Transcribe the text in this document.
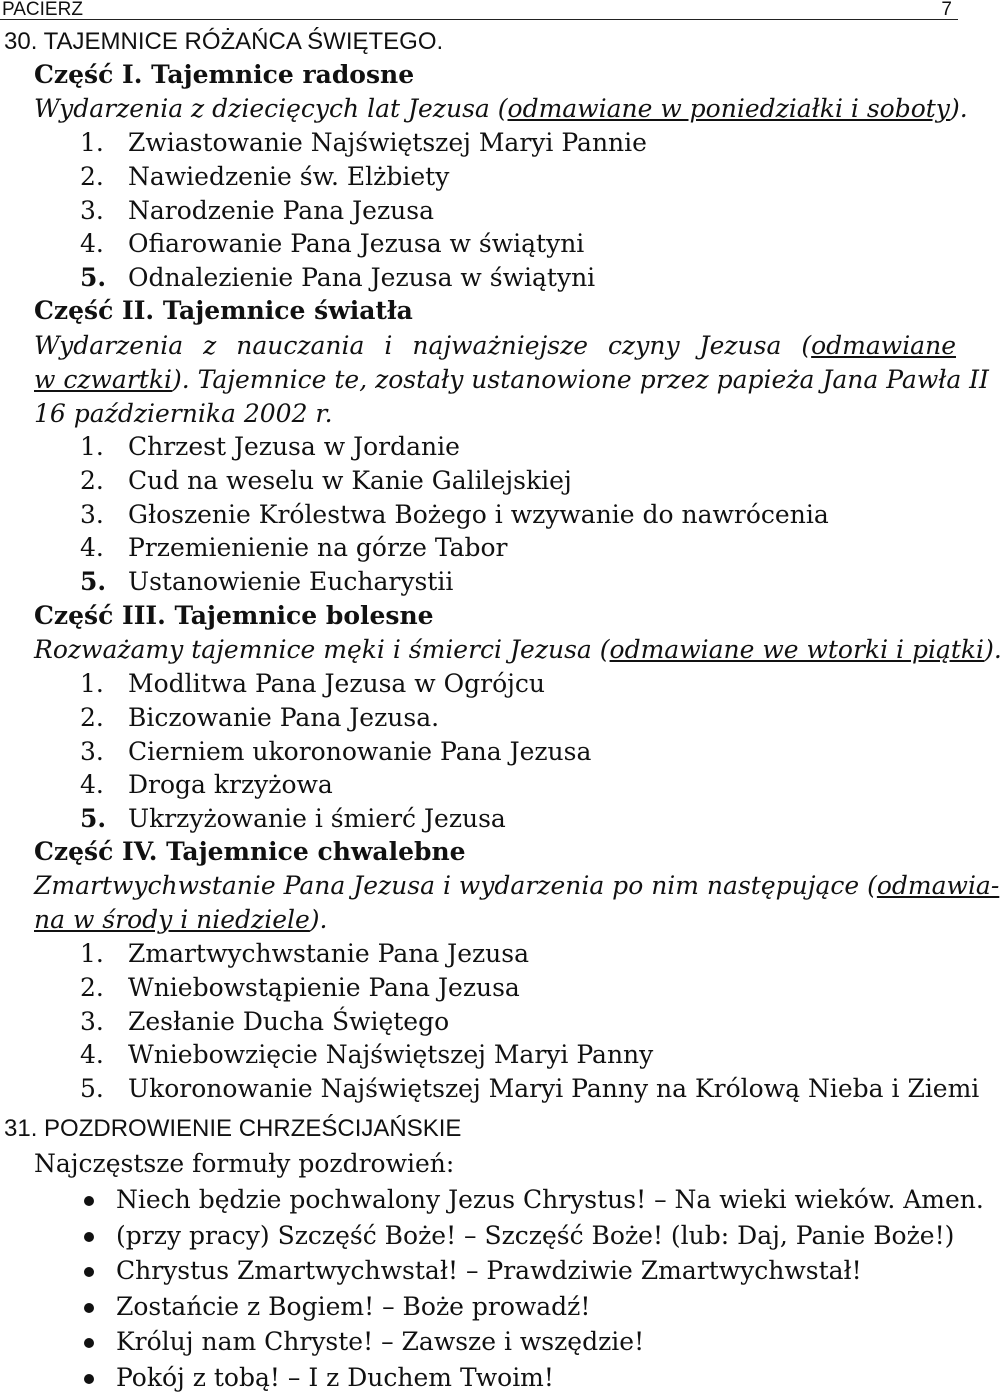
PACIERZ	7
30. TAJEMNICE RÓŻAŃCA ŚWIĘTEGO.
Część I. Tajemnice radosne
Wydarzenia z dziecięcych lat Jezusa (odmawiane w poniedziałki i soboty).
1. Zwiastowanie Najświętszej Maryi Pannie
2. Nawiedzenie św. Elżbiety
3. Narodzenie Pana Jezusa
4. Ofiarowanie Pana Jezusa w świątyni
5. Odnalezienie Pana Jezusa w świątyni
Część II. Tajemnice światła
Wydarzenia z nauczania i najważniejsze czyny Jezusa (odmawiane
w czwartki). Tajemnice te, zostały ustanowione przez papieża Jana Pawła II
16 października 2002 r.
1. Chrzest Jezusa w Jordanie
2. Cud na weselu w Kanie Galilejskiej
3. Głoszenie Królestwa Bożego i wzywanie do nawrócenia
4. Przemienienie na górze Tabor
5. Ustanowienie Eucharystii
Część III. Tajemnice bolesne
Rozważamy tajemnice męki i śmierci Jezusa (odmawiane we wtorki i piątki).
1. Modlitwa Pana Jezusa w Ogrójcu
2. Biczowanie Pana Jezusa.
3. Cierniem ukoronowanie Pana Jezusa
4. Droga krzyżowa
5. Ukrzyżowanie i śmierć Jezusa
Część IV. Tajemnice chwalebne
Zmartwychwstanie Pana Jezusa i wydarzenia po nim następujące (odmawia-
na w środy i niedziele).
1. Zmartwychwstanie Pana Jezusa
2. Wniebowstąpienie Pana Jezusa
3. Zesłanie Ducha Świętego
4. Wniebowzięcie Najświętszej Maryi Panny
5. Ukoronowanie Najświętszej Maryi Panny na Królową Nieba i Ziemi
31. POZDROWIENIE CHRZEŚCIJAŃSKIE
Najczęstsze formuły pozdrowień:
Niech będzie pochwalony Jezus Chrystus! – Na wieki wieków. Amen.
(przy pracy) Szczęść Boże! – Szczęść Boże! (lub: Daj, Panie Boże!)
Chrystus Zmartwychwstał! – Prawdziwie Zmartwychwstał!
Zostańcie z Bogiem! – Boże prowadź!
Króluj nam Chryste! – Zawsze i wszędzie!
Pokój z tobą! – I z Duchem Twoim!
